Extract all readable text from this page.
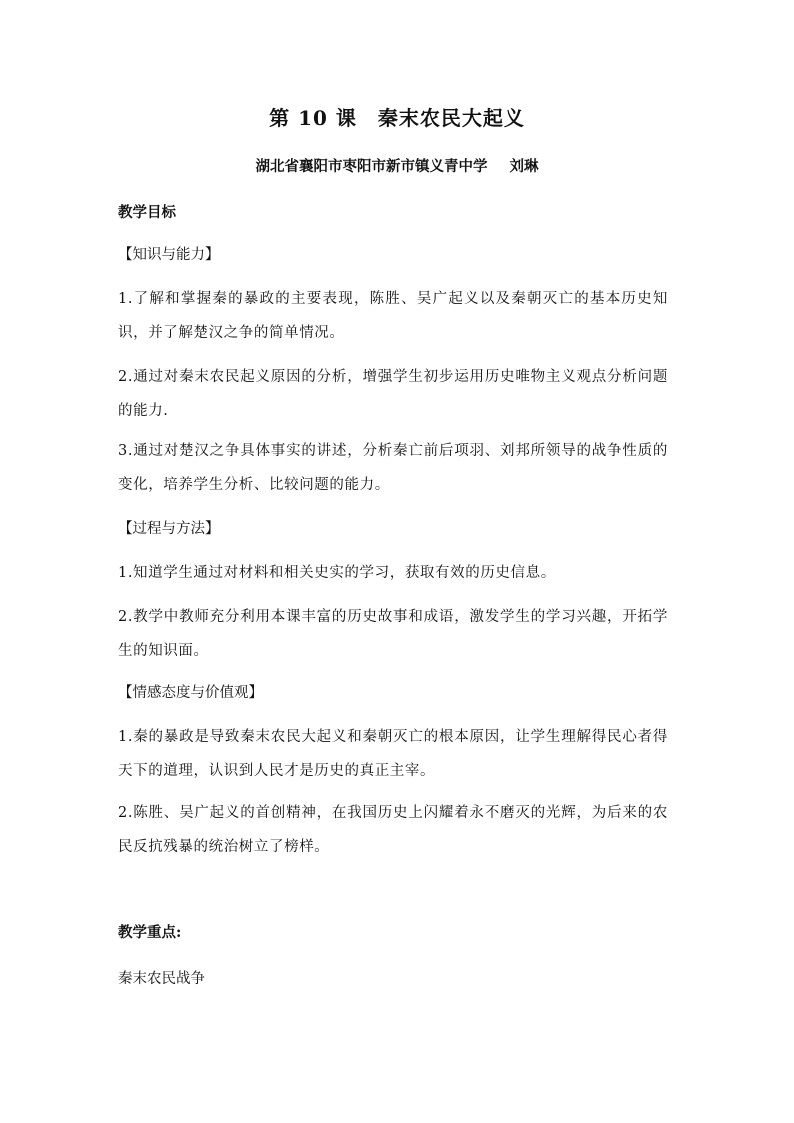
第 10 课　秦末农民大起义
湖北省襄阳市枣阳市新市镇义青中学 刘琳
教学目标
【知识与能力】
1.了解和掌握秦的暴政的主要表现，陈胜、吴广起义以及秦朝灭亡的基本历史知识，并了解楚汉之争的简单情况。
2.通过对秦末农民起义原因的分析，增强学生初步运用历史唯物主义观点分析问题的能力.
3.通过对楚汉之争具体事实的讲述，分析秦亡前后项羽、刘邦所领导的战争性质的变化，培养学生分析、比较问题的能力。
【过程与方法】
1.知道学生通过对材料和相关史实的学习，获取有效的历史信息。
2.教学中教师充分利用本课丰富的历史故事和成语，激发学生的学习兴趣，开拓学生的知识面。
【情感态度与价值观】
1.秦的暴政是导致秦末农民大起义和秦朝灭亡的根本原因，让学生理解得民心者得天下的道理，认识到人民才是历史的真正主宰。
2.陈胜、吴广起义的首创精神，在我国历史上闪耀着永不磨灭的光辉，为后来的农民反抗残暴的统治树立了榜样。
教学重点:
秦末农民战争
